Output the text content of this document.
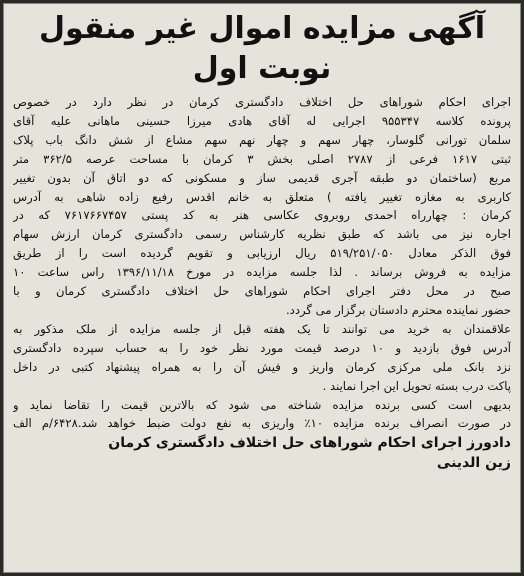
آگهی مزایده اموال غیر منقول
نوبت اول
اجرای احکام شوراهای حل اختلاف دادگستری کرمان در نظر دارد در خصوص
پرونده کلاسه ۹۵۵۳۴۷ اجرایی له آقای هادی میرزا حسینی ماهانی علیه آقای
سلمان تورانی گلوسار، چهار سهم و چهار نهم سهم مشاع از شش دانگ باب پلاک
ثبتی ۱۶۱۷ فرعی از ۲۷۸۷ اصلی بخش ۳ کرمان با مساحت عرصه ۳۶۲/۵ متر
مربع (ساختمان دو طبقه آجری قدیمی ساز و مسکونی که دو اتاق آن بدون تغییر
کاربری به مغازه تغییر یافته ) متعلق به خانم اقدس رفیع زاده شاهی به آدرس
کرمان : چهارراه احمدی روبروی عکاسی هنر به کد پستی ۷۶۱۷۶۶۷۴۵۷ که در
اجاره نیز می باشد که طبق نظریه کارشناس رسمی دادگستری کرمان ارزش سهام
فوق الذکر معادل ۵۱۹/۲۵۱/۰۵۰ ریال ارزیابی و تقویم گردیده است را از طریق
مزایده به فروش برساند . لذا جلسه مزایده در مورخ ۱۳۹۶/۱۱/۱۸ راس ساعت ۱۰
صبح در محل دفتر اجرای احکام شوراهای حل اختلاف دادگستری کرمان و با
حضور نماینده محترم دادستان برگزار می گردد.
علاقمندان به خرید می توانند تا یک هفته قبل از جلسه مزایده از ملک مذکور به
آدرس فوق بازدید و ۱۰ درصد قیمت مورد نظر خود را به حساب سپرده دادگستری
نزد بانک ملی مرکزی کرمان واریز و فیش آن را به همراه پیشنهاد کتبی در داخل
پاکت درب بسته تحویل این اجرا نمایند .
بدیهی است کسی برنده مزایده شناخته می شود که بالاترین قیمت را تقاضا نماید و
در صورت انصراف برنده مزایده ۱۰٪ واریزی به نفع دولت ضبط خواهد شد.۶۴۲۸/م الف

دادورز اجرای احکام شوراهای حل اختلاف دادگستری کرمان

زین الدینی
